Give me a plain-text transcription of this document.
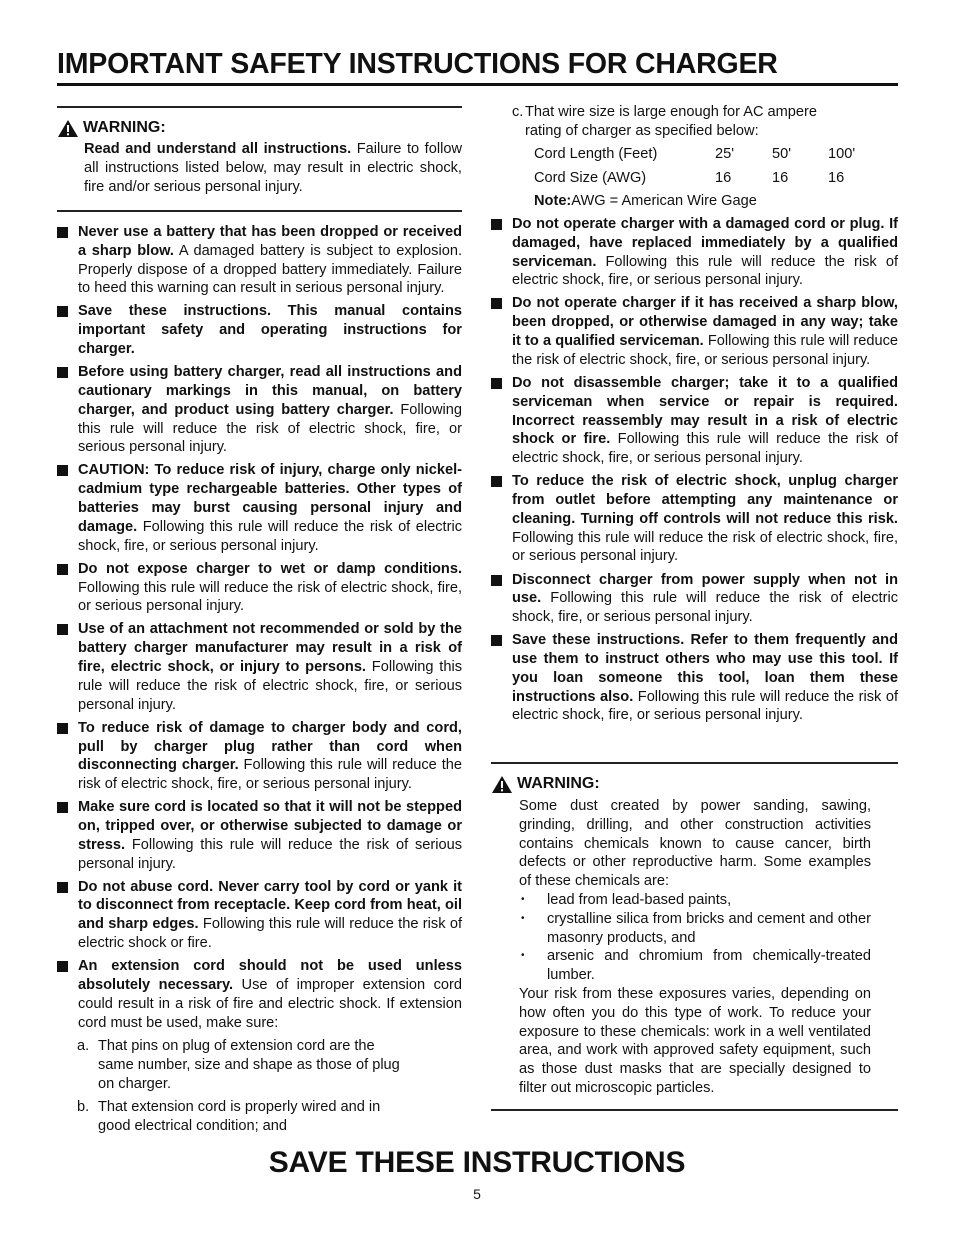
IMPORTANT SAFETY INSTRUCTIONS FOR CHARGER
WARNING:
Read and understand all instructions. Failure to follow all instructions listed below, may result in electric shock, fire and/or serious personal injury.
Never use a battery that has been dropped or received a sharp blow. A damaged battery is subject to explosion. Properly dispose of a dropped battery immediately. Failure to heed this warning can result in serious personal injury.
Save these instructions. This manual contains important safety and operating instructions for charger.
Before using battery charger, read all instructions and cautionary markings in this manual, on battery charger, and product using battery charger. Following this rule will reduce the risk of electric shock, fire, or serious personal injury.
CAUTION: To reduce risk of injury, charge only nickel-cadmium type rechargeable batteries. Other types of batteries may burst causing personal injury and damage. Following this rule will reduce the risk of electric shock, fire, or serious personal injury.
Do not expose charger to wet or damp conditions. Following this rule will reduce the risk of electric shock, fire, or serious personal injury.
Use of an attachment not recommended or sold by the battery charger manufacturer may result in a risk of fire, electric shock, or injury to persons. Following this rule will reduce the risk of electric shock, fire, or serious personal injury.
To reduce risk of damage to charger body and cord, pull by charger plug rather than cord when disconnecting charger. Following this rule will reduce the risk of electric shock, fire, or serious personal injury.
Make sure cord is located so that it will not be stepped on, tripped over, or otherwise subjected to damage or stress. Following this rule will reduce the risk of serious personal injury.
Do not abuse cord. Never carry tool by cord or yank it to disconnect from receptacle. Keep cord from heat, oil and sharp edges. Following this rule will reduce the risk of electric shock or fire.
An extension cord should not be used unless absolutely necessary. Use of improper extension cord could result in a risk of fire and electric shock. If extension cord must be used, make sure:
a. That pins on plug of extension cord are the same number, size and shape as those of plug on charger.
b. That extension cord is properly wired and in good electrical condition; and
c. That wire size is large enough for AC ampere rating of charger as specified below:
Cord Length (Feet)	25'	50'	100'
Cord Size (AWG)	16	16	16
Note:AWG = American Wire Gage
Do not operate charger with a damaged cord or plug. If damaged, have replaced immediately by a qualified serviceman. Following this rule will reduce the risk of electric shock, fire, or serious personal injury.
Do not operate charger if it has received a sharp blow, been dropped, or otherwise damaged in any way; take it to a qualified serviceman. Following this rule will reduce the risk of electric shock, fire, or serious personal injury.
Do not disassemble charger; take it to a qualified serviceman when service or repair is required. Incorrect reassembly may result in a risk of electric shock or fire. Following this rule will reduce the risk of electric shock, fire, or serious personal injury.
To reduce the risk of electric shock, unplug charger from outlet before attempting any maintenance or cleaning. Turning off controls will not reduce this risk. Following this rule will reduce the risk of electric shock, fire, or serious personal injury.
Disconnect charger from power supply when not in use. Following this rule will reduce the risk of electric shock, fire, or serious personal injury.
Save these instructions. Refer to them frequently and use them to instruct others who may use this tool. If you loan someone this tool, loan them these instructions also. Following this rule will reduce the risk of electric shock, fire, or serious personal injury.
WARNING:
Some dust created by power sanding, sawing, grinding, drilling, and other construction activities contains chemicals known to cause cancer, birth defects or other reproductive harm. Some examples of these chemicals are:
• lead from lead-based paints,
• crystalline silica from bricks and cement and other masonry products, and
• arsenic and chromium from chemically-treated lumber.
Your risk from these exposures varies, depending on how often you do this type of work. To reduce your exposure to these chemicals: work in a well ventilated area, and work with approved safety equipment, such as those dust masks that are specially designed to filter out microscopic particles.
SAVE THESE INSTRUCTIONS
5
